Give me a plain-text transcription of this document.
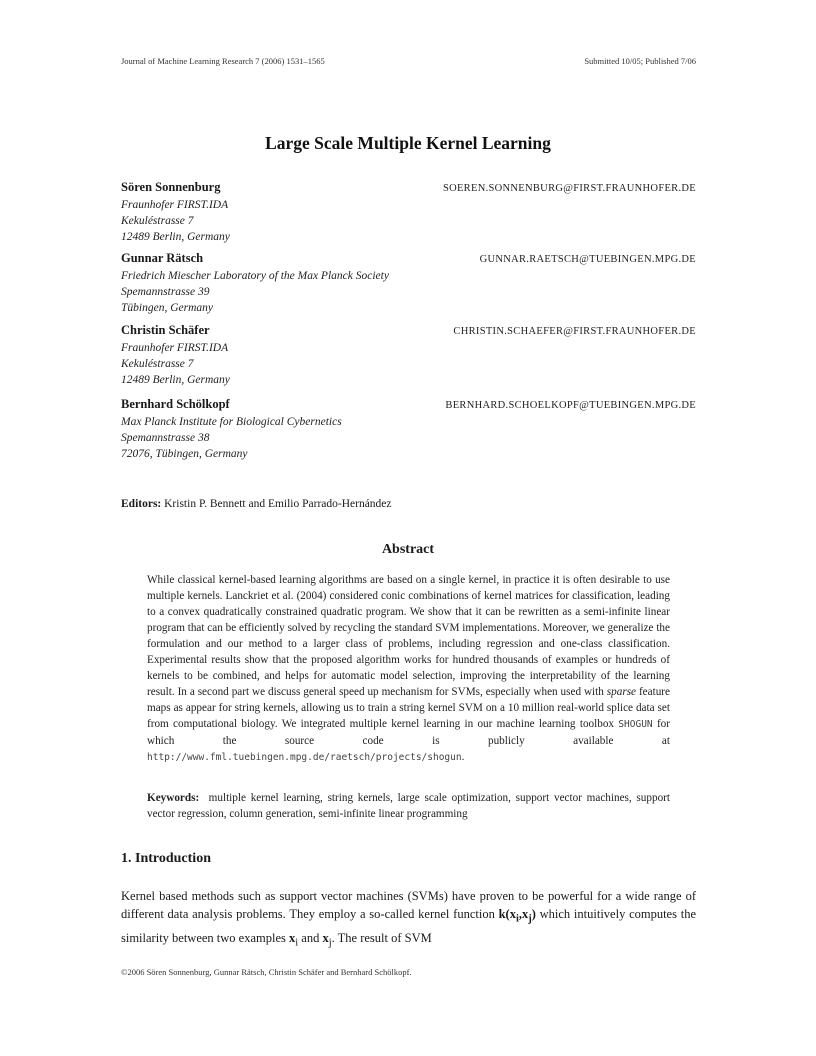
Journal of Machine Learning Research 7 (2006) 1531–1565	Submitted 10/05; Published 7/06
Large Scale Multiple Kernel Learning
Sören Sonnenburg	SOEREN.SONNENBURG@FIRST.FRAUNHOFER.DE
Fraunhofer FIRST.IDA
Kekuléstrasse 7
12489 Berlin, Germany
Gunnar Rätsch	GUNNAR.RAETSCH@TUEBINGEN.MPG.DE
Friedrich Miescher Laboratory of the Max Planck Society
Spemannstrasse 39
Tübingen, Germany
Christin Schäfer	CHRISTIN.SCHAEFER@FIRST.FRAUNHOFER.DE
Fraunhofer FIRST.IDA
Kekuléstrasse 7
12489 Berlin, Germany
Bernhard Schölkopf	BERNHARD.SCHOELKOPF@TUEBINGEN.MPG.DE
Max Planck Institute for Biological Cybernetics
Spemannstrasse 38
72076, Tübingen, Germany
Editors: Kristin P. Bennett and Emilio Parrado-Hernández
Abstract
While classical kernel-based learning algorithms are based on a single kernel, in practice it is often desirable to use multiple kernels. Lanckriet et al. (2004) considered conic combinations of kernel matrices for classification, leading to a convex quadratically constrained quadratic program. We show that it can be rewritten as a semi-infinite linear program that can be efficiently solved by recycling the standard SVM implementations. Moreover, we generalize the formulation and our method to a larger class of problems, including regression and one-class classification. Experimental results show that the proposed algorithm works for hundred thousands of examples or hundreds of kernels to be combined, and helps for automatic model selection, improving the interpretability of the learning result. In a second part we discuss general speed up mechanism for SVMs, especially when used with sparse feature maps as appear for string kernels, allowing us to train a string kernel SVM on a 10 million real-world splice data set from computational biology. We integrated multiple kernel learning in our machine learning toolbox SHOGUN for which the source code is publicly available at http://www.fml.tuebingen.mpg.de/raetsch/projects/shogun.
Keywords: multiple kernel learning, string kernels, large scale optimization, support vector machines, support vector regression, column generation, semi-infinite linear programming
1. Introduction
Kernel based methods such as support vector machines (SVMs) have proven to be powerful for a wide range of different data analysis problems. They employ a so-called kernel function $k(x_i,x_j)$ which intuitively computes the similarity between two examples $x_i$ and $x_j$. The result of SVM
©2006 Sören Sonnenburg, Gunnar Rätsch, Christin Schäfer and Bernhard Schölkopf.
